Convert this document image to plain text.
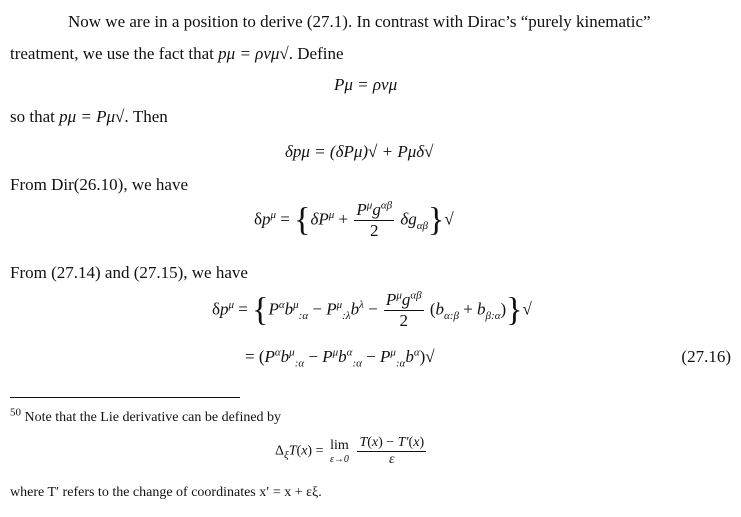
Now we are in a position to derive (27.1). In contrast with Dirac’s “purely kinematic”
treatment, we use the fact that pμ = ρvμ√. Define
Pμ = ρvμ
so that pμ = Pμ√. Then
δpμ = (δPμ)√ + Pμδ√
From Dir(26.10), we have
$\delta p^\mu = \{\delta P^\mu + \frac{P^\mu g^{\alpha\beta}}{2} \delta g_{\alpha\beta}\}√$
From (27.14) and (27.15), we have
$\delta p^\mu = \{P^\alpha b^\mu_{:\alpha} - P^\mu_{:\lambda}b^\lambda - \frac{P^\mu g^{\alpha\beta}}{2} (b_{\alpha:\beta} + b_{\beta:\alpha})\}√$
= $(P^\alpha b^\mu_{:\alpha} - P^\mu b^\alpha_{:\alpha} - P^\mu_{:\alpha}b^\alpha)√$	(27.16)
$^{50}$ Note that the Lie derivative can be defined by
$\Delta_\xi T(x) = \lim$
ε→0
$\frac{T(x) - T'(x)}{\varepsilon}$
where T′ refers to the change of coordinates x′ = x + εξ.
